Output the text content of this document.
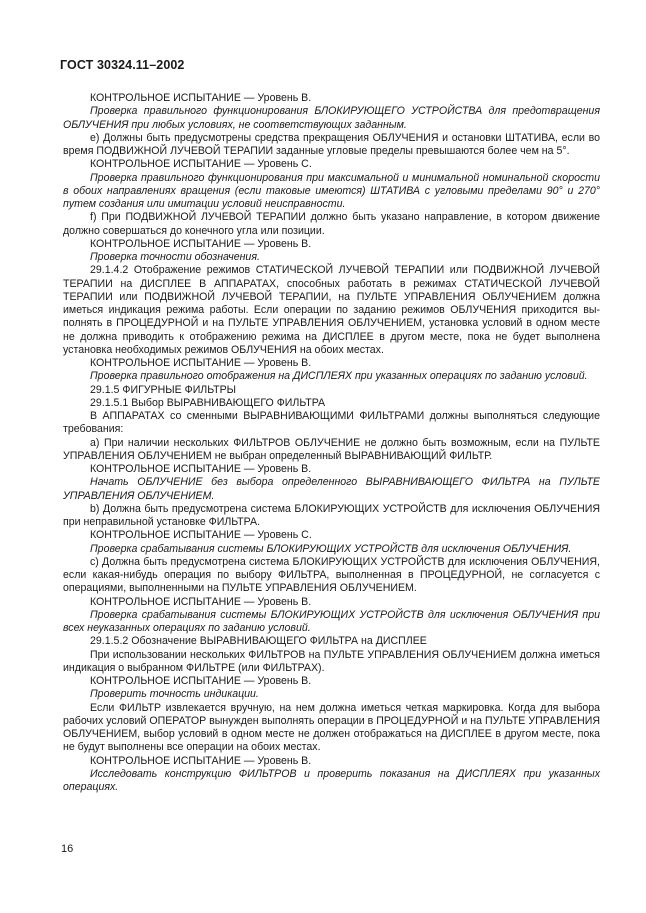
ГОСТ 30324.11–2002

КОНТРОЛЬНОЕ ИСПЫТАНИЕ — Уровень В.

Проверка правильного функционирования БЛОКИРУЮЩЕГО УСТРОЙСТВА для предотвращения ОБЛУЧЕНИЯ при любых условиях, не соответствующих заданным.

e) Должны быть предусмотрены средства прекращения ОБЛУЧЕНИЯ и остановки ШТАТИВА, если во время ПОДВИЖНОЙ ЛУЧЕВОЙ ТЕРАПИИ заданные угловые пределы превышаются более чем на 5°.

КОНТРОЛЬНОЕ ИСПЫТАНИЕ — Уровень С.

Проверка правильного функционирования при максимальной и минимальной номинальной скорости в обоих направлениях вращения (если таковые имеются) ШТАТИВА с угловыми пределами 90° и 270° путем создания или имитации условий неисправности.

f) При ПОДВИЖНОЙ ЛУЧЕВОЙ ТЕРАПИИ должно быть указано направление, в котором движение должно совершаться до конечного угла или позиции.

КОНТРОЛЬНОЕ ИСПЫТАНИЕ — Уровень В.

Проверка точности обозначения.

29.1.4.2 Отображение режимов СТАТИЧЕСКОЙ ЛУЧЕВОЙ ТЕРАПИИ или ПОДВИЖНОЙ ЛУЧЕВОЙ ТЕРАПИИ на ДИСПЛЕЕ В АППАРАТАХ, способных работать в режимах СТАТИЧЕСКОЙ ЛУЧЕВОЙ ТЕРАПИИ или ПОДВИЖНОЙ ЛУЧЕВОЙ ТЕРАПИИ, на ПУЛЬТЕ УПРАВЛЕНИЯ ОБЛУЧЕНИЕМ должна иметься индикация режима работы. Если операции по заданию режимов ОБЛУЧЕНИЯ приходится выполнять в ПРОЦЕДУРНОЙ и на ПУЛЬТЕ УПРАВЛЕНИЯ ОБЛУЧЕНИЕМ, установка условий в одном месте не должна приводить к отображению режима на ДИСПЛЕЕ в другом месте, пока не будет выполнена установка необходимых режимов ОБЛУЧЕНИЯ на обоих местах.

КОНТРОЛЬНОЕ ИСПЫТАНИЕ — Уровень В.

Проверка правильного отображения на ДИСПЛЕЯХ при указанных операциях по заданию условий.

29.1.5 ФИГУРНЫЕ ФИЛЬТРЫ

29.1.5.1 Выбор ВЫРАВНИВАЮЩЕГО ФИЛЬТРА

В АППАРАТАХ со сменными ВЫРАВНИВАЮЩИМИ ФИЛЬТРАМИ должны выполняться следующие требования:

a) При наличии нескольких ФИЛЬТРОВ ОБЛУЧЕНИЕ не должно быть возможным, если на ПУЛЬТЕ УПРАВЛЕНИЯ ОБЛУЧЕНИЕМ не выбран определенный ВЫРАВНИВАЮЩИЙ ФИЛЬТР.

КОНТРОЛЬНОЕ ИСПЫТАНИЕ — Уровень В.

Начать ОБЛУЧЕНИЕ без выбора определенного ВЫРАВНИВАЮЩЕГО ФИЛЬТРА на ПУЛЬТЕ УПРАВЛЕНИЯ ОБЛУЧЕНИЕМ.

b) Должна быть предусмотрена система БЛОКИРУЮЩИХ УСТРОЙСТВ для исключения ОБЛУЧЕНИЯ при неправильной установке ФИЛЬТРА.

КОНТРОЛЬНОЕ ИСПЫТАНИЕ — Уровень С.

Проверка срабатывания системы БЛОКИРУЮЩИХ УСТРОЙСТВ для исключения ОБЛУЧЕНИЯ.

c) Должна быть предусмотрена система БЛОКИРУЮЩИХ УСТРОЙСТВ для исключения ОБЛУЧЕНИЯ, если какая-нибудь операция по выбору ФИЛЬТРА, выполненная в ПРОЦЕДУРНОЙ, не согласуется с операциями, выполненными на ПУЛЬТЕ УПРАВЛЕНИЯ ОБЛУЧЕНИЕМ.

КОНТРОЛЬНОЕ ИСПЫТАНИЕ — Уровень В.

Проверка срабатывания системы БЛОКИРУЮЩИХ УСТРОЙСТВ для исключения ОБЛУЧЕНИЯ при всех неуказанных операциях по заданию условий.

29.1.5.2 Обозначение ВЫРАВНИВАЮЩЕГО ФИЛЬТРА на ДИСПЛЕЕ

При использовании нескольких ФИЛЬТРОВ на ПУЛЬТЕ УПРАВЛЕНИЯ ОБЛУЧЕНИЕМ должна иметься индикация о выбранном ФИЛЬТРЕ (или ФИЛЬТРАХ).

КОНТРОЛЬНОЕ ИСПЫТАНИЕ — Уровень В.

Проверить точность индикации.

Если ФИЛЬТР извлекается вручную, на нем должна иметься четкая маркировка. Когда для выбора рабочих условий ОПЕРАТОР вынужден выполнять операции в ПРОЦЕДУРНОЙ и на ПУЛЬТЕ УПРАВЛЕНИЯ ОБЛУЧЕНИЕМ, выбор условий в одном месте не должен отображаться на ДИСПЛЕЕ в другом месте, пока не будут выполнены все операции на обоих местах.

КОНТРОЛЬНОЕ ИСПЫТАНИЕ — Уровень В.

Исследовать конструкцию ФИЛЬТРОВ и проверить показания на ДИСПЛЕЯХ при указанных операциях.

16
